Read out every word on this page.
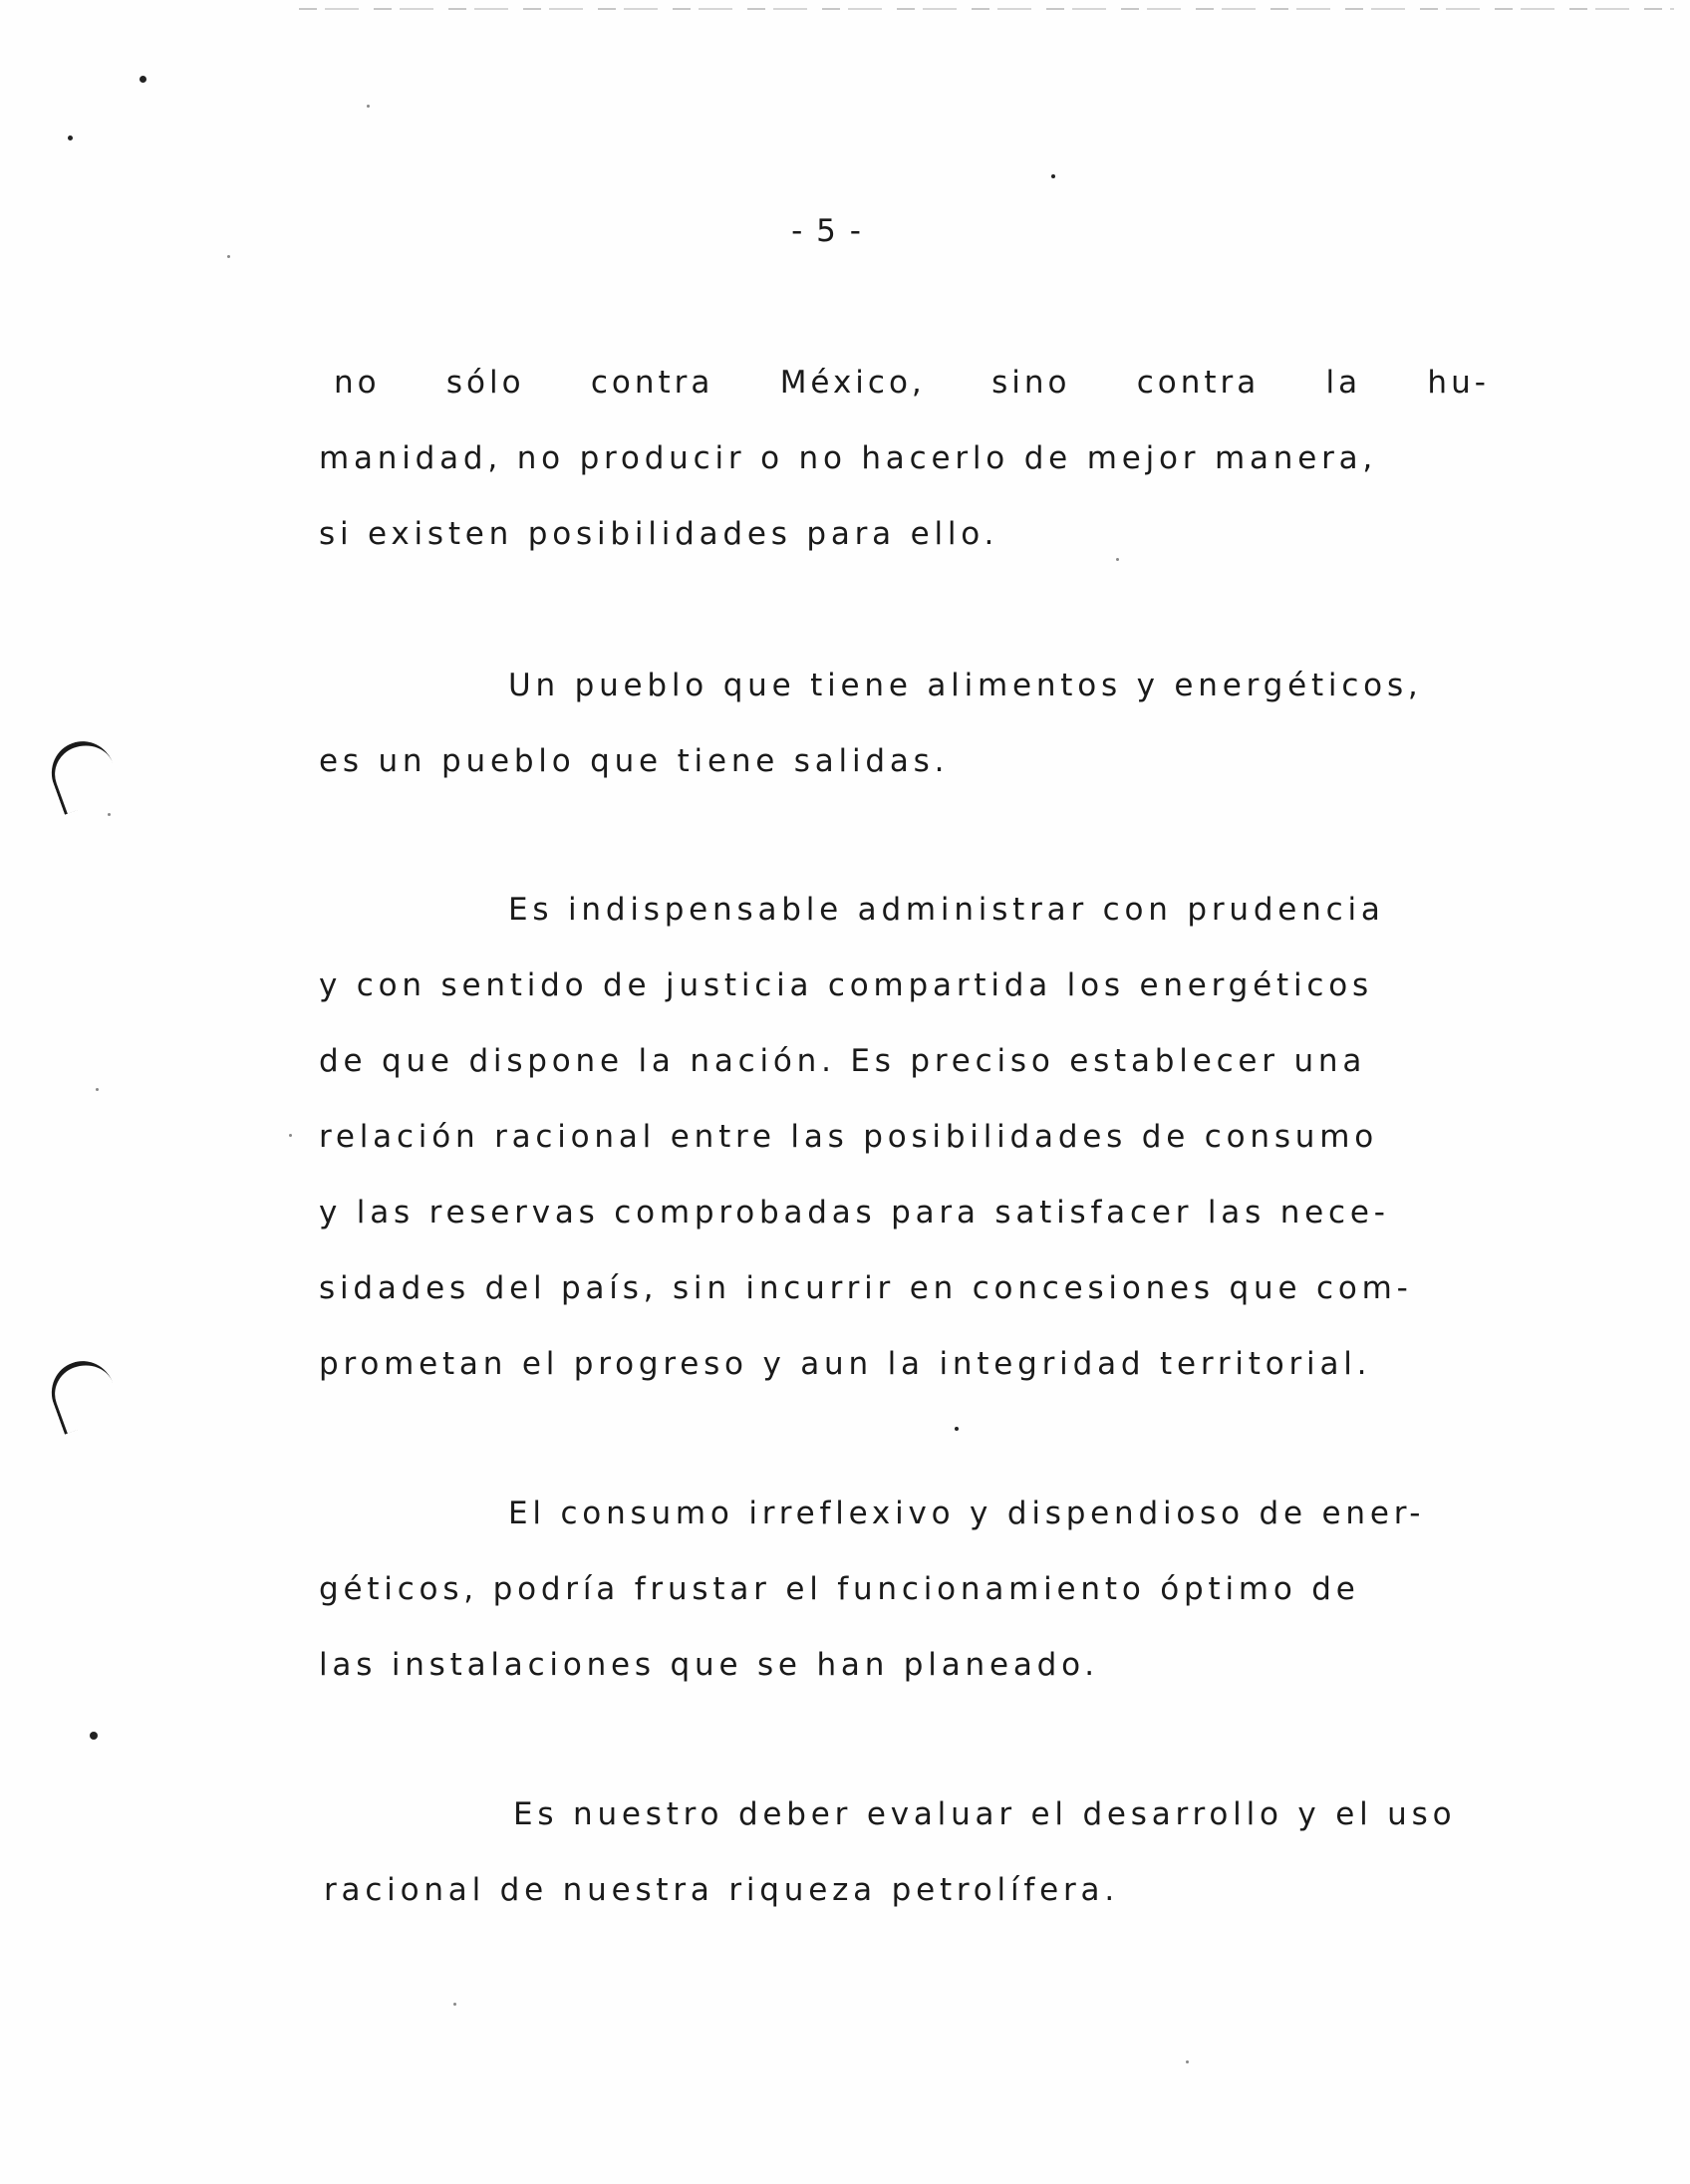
- 5 -
no sólo contra México, sino contra la hu-
manidad, no producir o no hacerlo de mejor manera,
si existen posibilidades para ello.
Un pueblo que tiene alimentos y energéticos,
es un pueblo que tiene salidas.
Es indispensable administrar con prudencia
y con sentido de justicia compartida los energéticos
de que dispone la nación. Es preciso establecer una
relación racional entre las posibilidades de consumo
y las reservas comprobadas para satisfacer las nece-
sidades del país, sin incurrir en concesiones que com-
prometan el progreso y aun la integridad territorial.
El consumo irreflexivo y dispendioso de ener-
géticos, podría frustar el funcionamiento óptimo de
las instalaciones que se han planeado.
Es nuestro deber evaluar el desarrollo y el uso
racional de nuestra riqueza petrolífera.
